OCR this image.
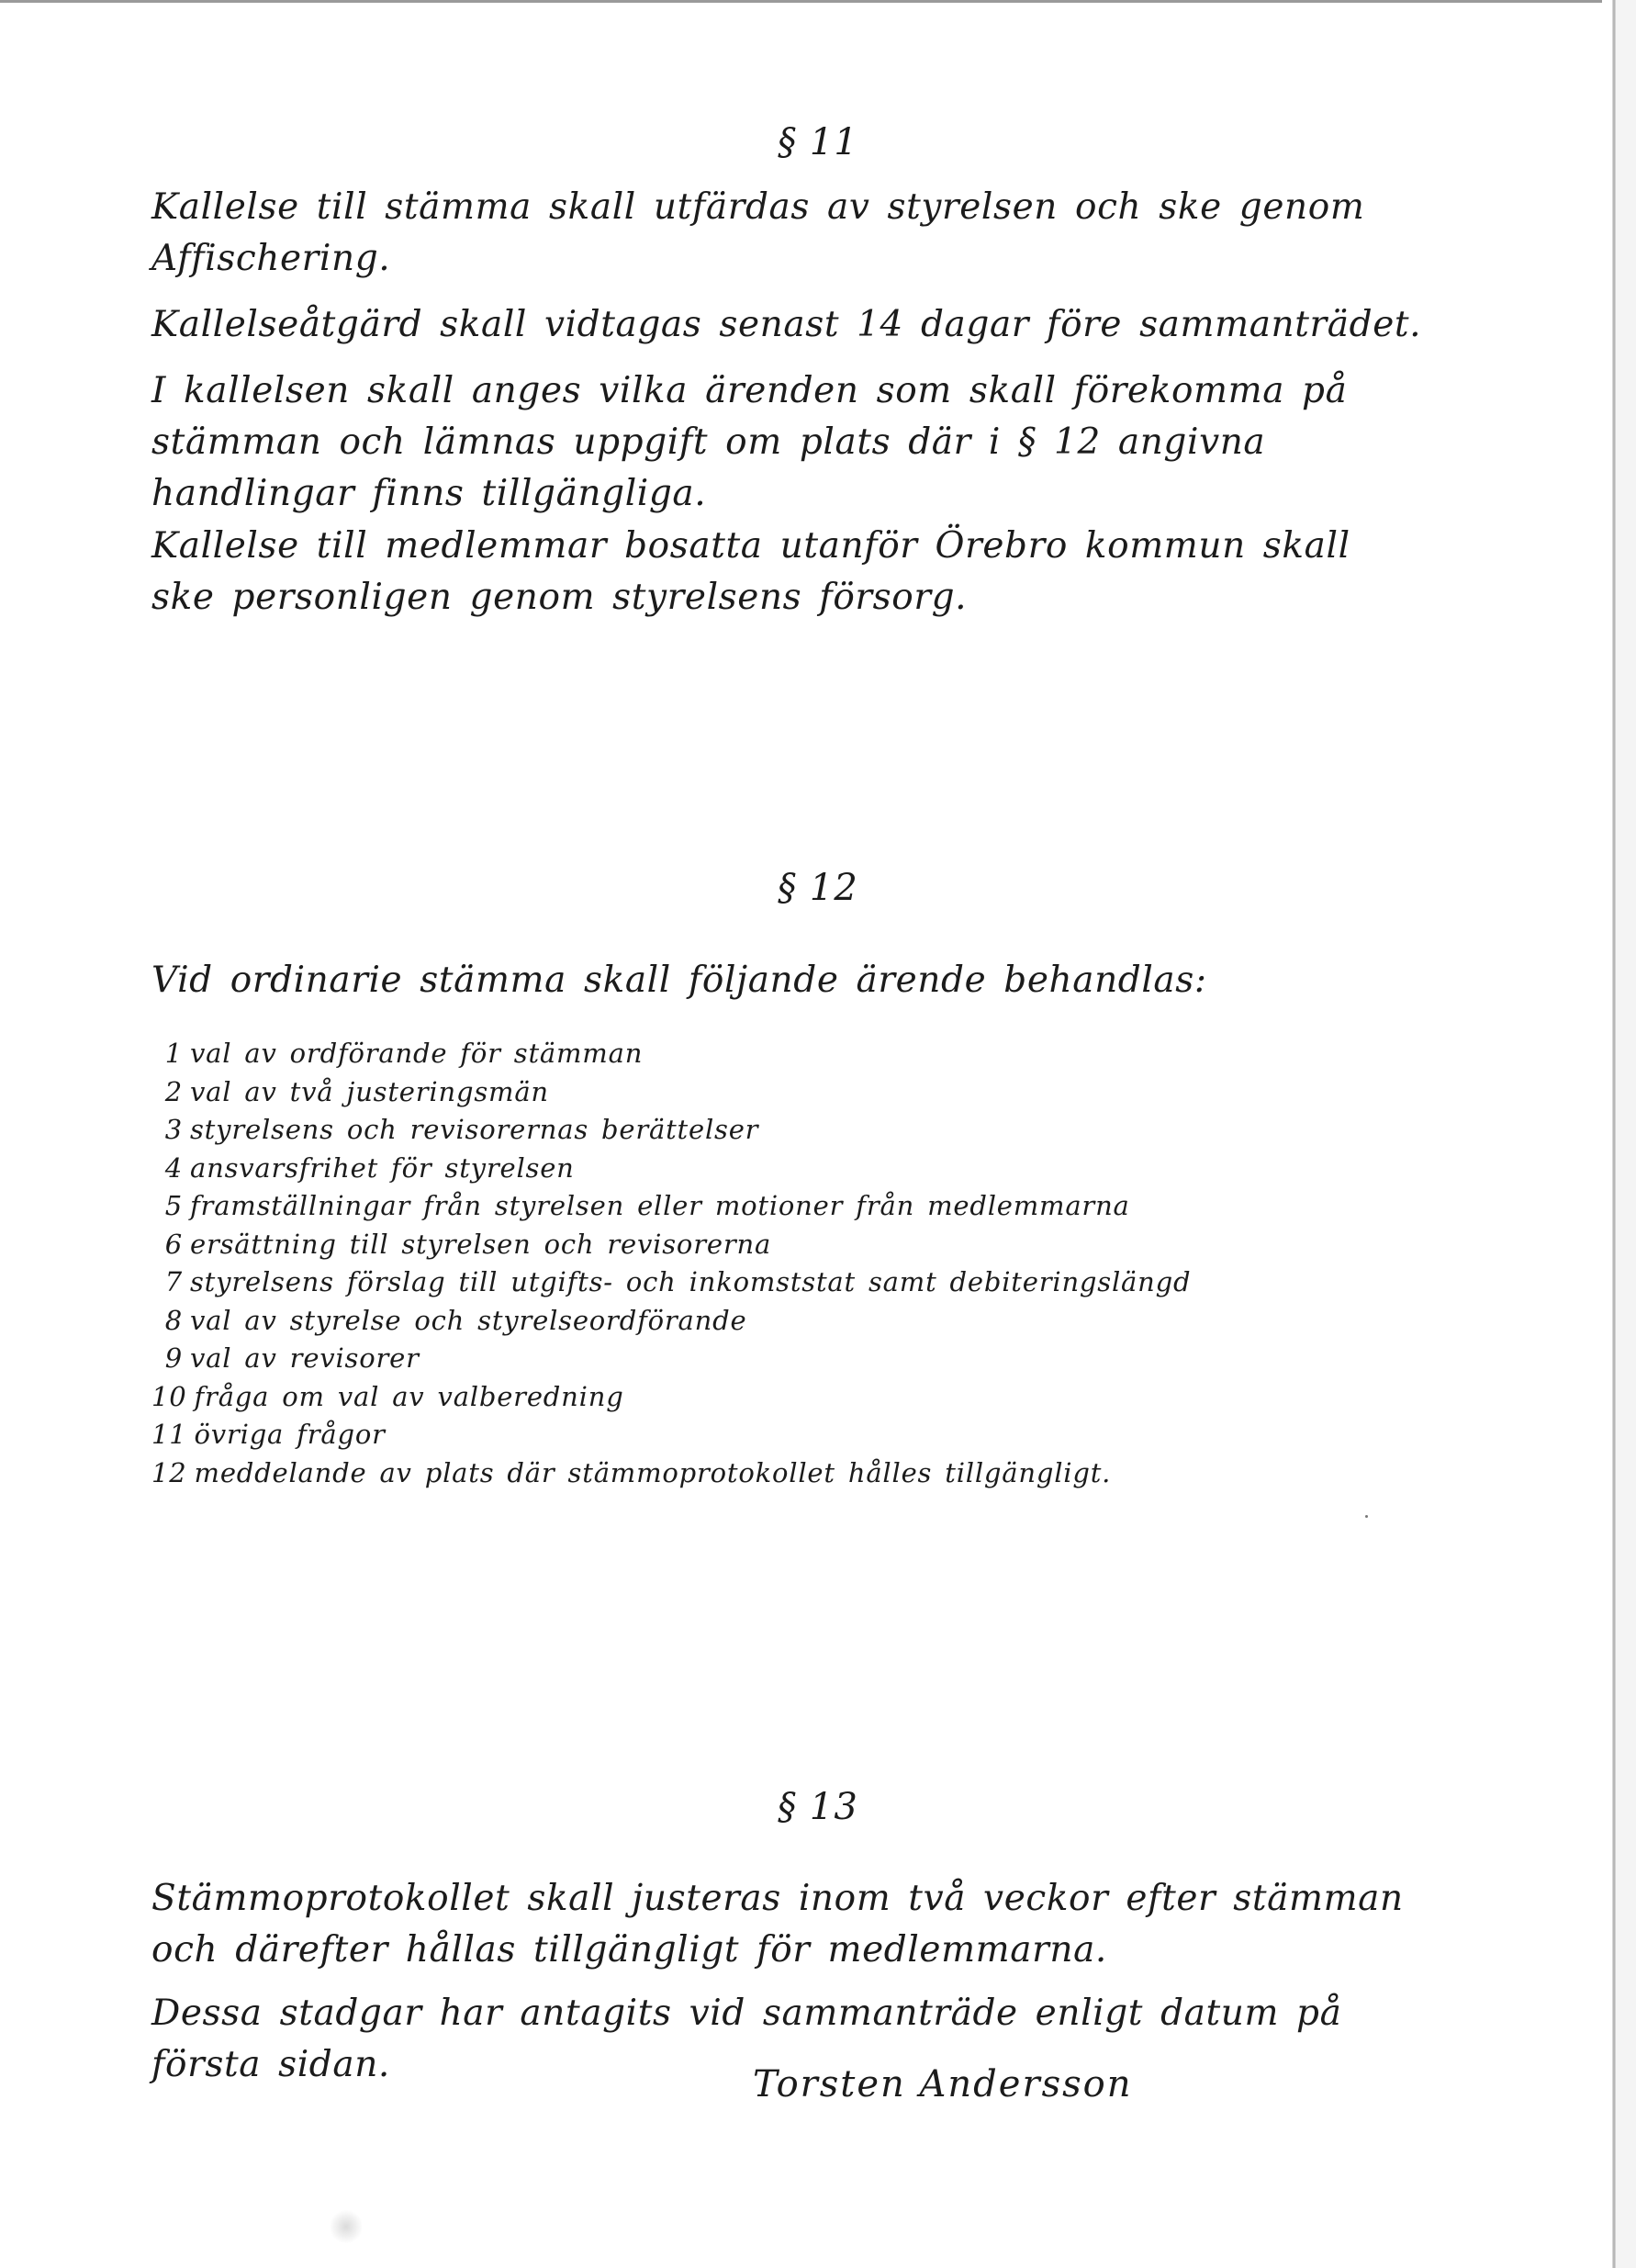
§ 11

Kallelse till stämma skall utfärdas av styrelsen och ske genom Affischering.

Kallelseåtgärd skall vidtagas senast 14 dagar före sammanträdet.

I kallelsen skall anges vilka ärenden som skall förekomma på stämman och lämnas uppgift om plats där i § 12 angivna handlingar finns tillgängliga.

Kallelse till medlemmar bosatta utanför Örebro kommun skall ske personligen genom styrelsens försorg.

§ 12

Vid ordinarie stämma skall följande ärende behandlas:

1 val av ordförande för stämman
2 val av två justeringsmän
3 styrelsens och revisorernas berättelser
4 ansvarsfrihet för styrelsen
5 framställningar från styrelsen eller motioner från medlemmarna
6 ersättning till styrelsen och revisorerna
7 styrelsens förslag till utgifts- och inkomststat samt debiteringslängd
8 val av styrelse och styrelseordförande
9 val av revisorer
10 fråga om val av valberedning
11 övriga frågor
12 meddelande av plats där stämmoprotokollet hålles tillgängligt.
§ 13

Stämmoprotokollet skall justeras inom två veckor efter stämman och därefter hållas tillgängligt för medlemmarna.

Dessa stadgar har antagits vid sammanträde enligt datum på första sidan.	Torsten Andersson
